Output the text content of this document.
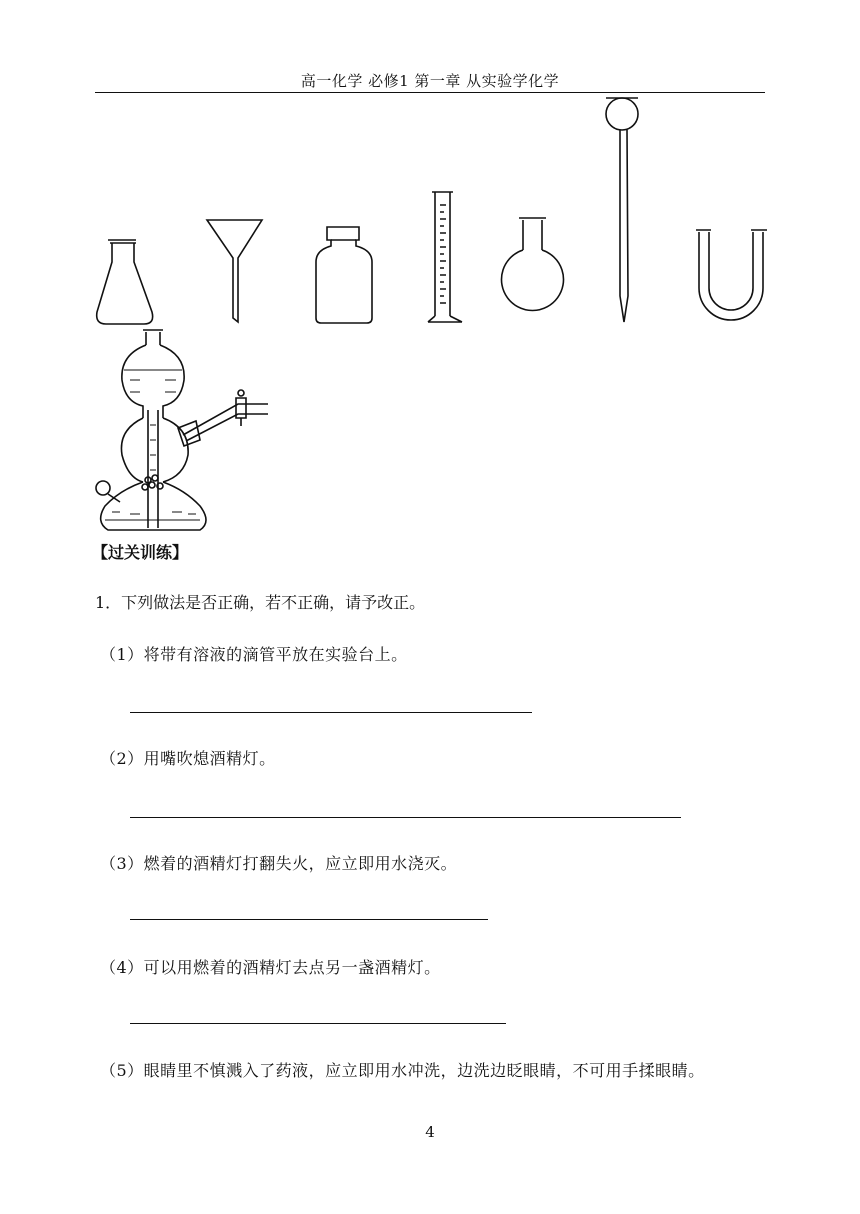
高一化学 必修1 第一章 从实验学化学
【过关训练】
1．下列做法是否正确，若不正确，请予改正。
（1）将带有溶液的滴管平放在实验台上。
（2）用嘴吹熄酒精灯。
（3）燃着的酒精灯打翻失火，应立即用水浇灭。
（4）可以用燃着的酒精灯去点另一盏酒精灯。
（5）眼睛里不慎溅入了药液，应立即用水冲洗，边洗边眨眼睛，不可用手揉眼睛。
4
